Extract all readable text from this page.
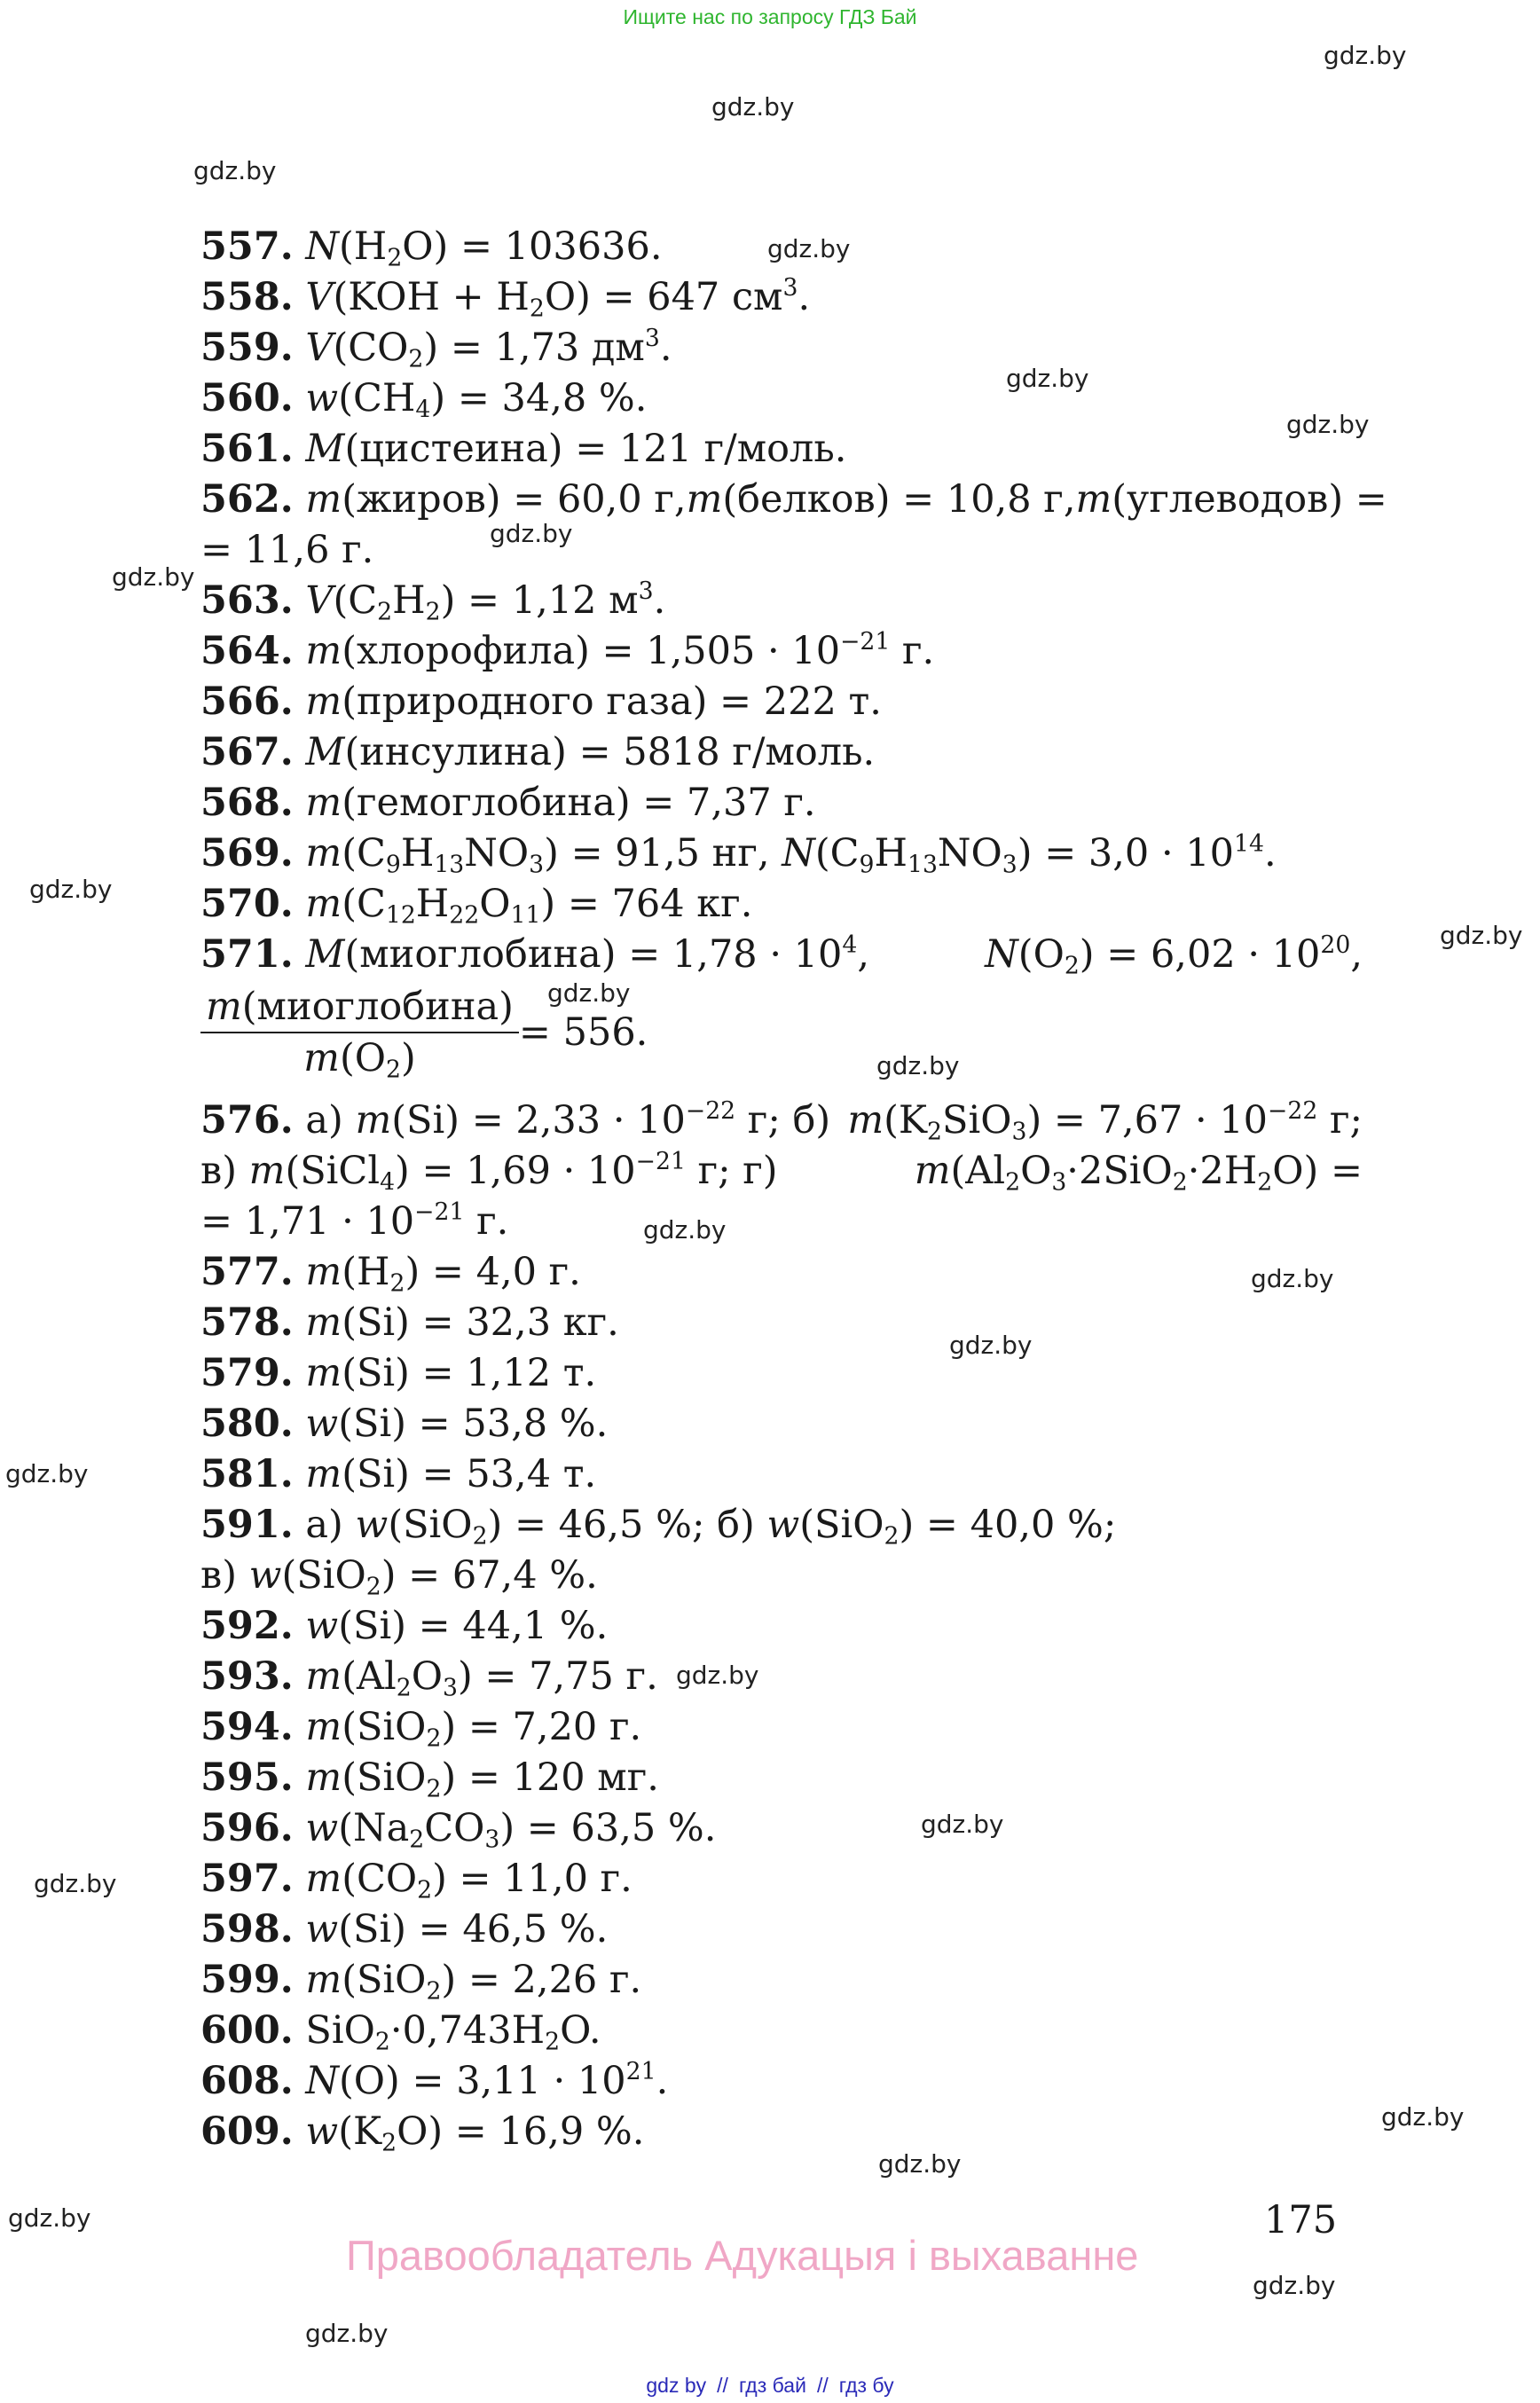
Ищите нас по запросу ГДЗ Бай
gdz.by
gdz.by
gdz.by
gdz.by
gdz.by
gdz.by
gdz.by
gdz.by
gdz.by
gdz.by
gdz.by
gdz.by
gdz.by
gdz.by
gdz.by
gdz.by
gdz.by
gdz.by
gdz.by
gdz.by
gdz.by
gdz.by
gdz.by
gdz.by
557. $N(H_2O) = 103636$.
558. $V(KOH + H_2O) = 647$ $см^3$.
559. $V(CO_2) = 1,73$ $дм^3$.
560. $w(CH_4) = 34,8$ %.
561. M(цистеина) = 121 г/моль.
562. m(жиров) = 60,0 г, m(белков) = 10,8 г, m(углеводов) =
= 11,6 г.
563. $V(C_2H_2) = 1,12$ $м^3$.
564. m(хлорофила) = $1,505 \cdot 10^{-21}$ г.
566. m(природного газа) = 222 т.
567. M(инсулина) = 5818 г/моль.
568. m(гемоглобина) = 7,37 г.
569. $m(C_9H_{13}NO_3) = 91,5$ нг, $N(C_9H_{13}NO_3) = 3,0 \cdot 10^{14}$.
570. $m(C_{12}H_{22}O_{11}) = 764$ кг.
571. M(миоглобина) = $1,78 \cdot 10^4$,	$N(O_2) = 6,02 \cdot 10^{20}$,
$\frac{\text{m(миоглобина)}}{m(O_2)} = 556$.
576. а) $m(Si) = 2,33 \cdot 10^{-22}$ г; б) $m(K_2SiO_3) = 7,67 \cdot 10^{-22}$ г;
в) m(SiCl$_4$) = $1,69 \cdot 10^{-21}$ г; г)	$m(Al_2O_3\cdot 2SiO_2\cdot 2H_2O)$ =
= $1,71 \cdot 10^{-21}$ г.
577. $m(H_2) = 4,0$ г.
578. m(Si) = 32,3 кг.
579. m(Si) = 1,12 т.
580. w(Si) = 53,8 %.
581. m(Si) = 53,4 т.
591. а) w(SiO$_2$) = 46,5 %; б) w(SiO$_2$) = 40,0 %;
в) w(SiO$_2$) = 67,4 %.
592. w(Si) = 44,1 %.
593. $m(Al_2O_3) = 7,75$ г.
594. m(SiO$_2$) = 7,20 г.
595. m(SiO$_2$) = 120 мг.
596. $w(Na_2CO_3) = 63,5$ %.
597. $m(CO_2) = 11,0$ г.
598. w(Si) = 46,5 %.
599. m(SiO$_2$) = 2,26 г.
600. $SiO_2\cdot 0,743H_2O$.
608. $N(O) = 3,11 \cdot 10^{21}$.
609. $w(K_2O) = 16,9$ %.
175
Правообладатель Адукацыя і выхаванне
gdz by // гдз бай // гдз бу
